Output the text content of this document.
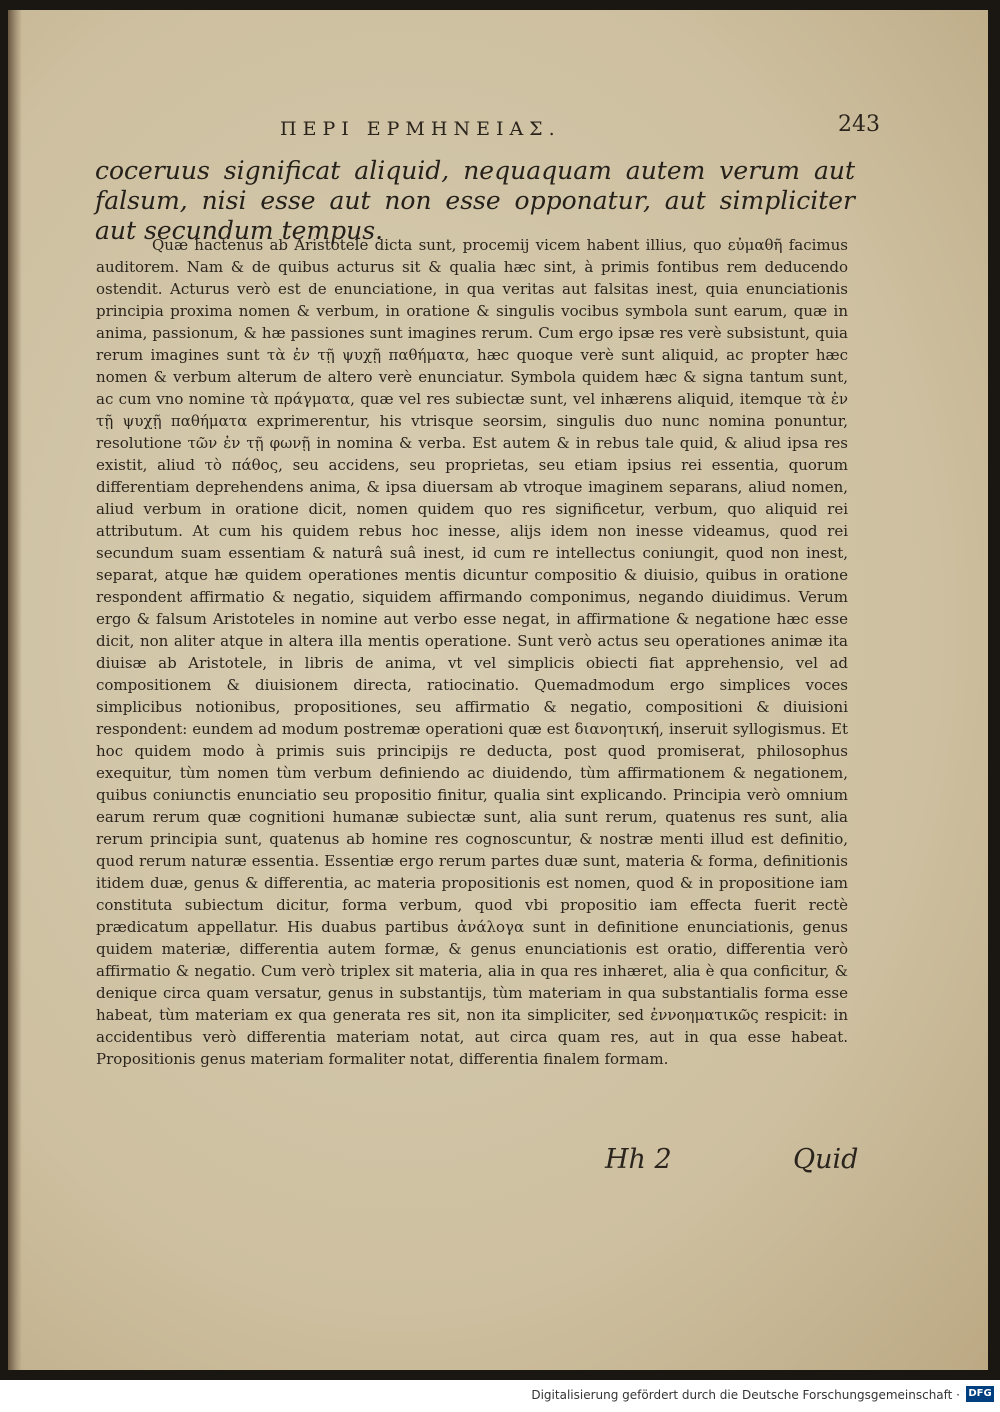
ΠΕΡΙ ΕΡΜΗΝΕΙΑΣ.	243
coceruus significat aliquid, nequaquam autem verum aut falsum, nisi esse aut non esse opponatur, aut simpliciter aut secundum tempus.

Quæ hactenus ab Aristotele dicta sunt, procemij vicem habent illius, quo εὐμαθῆ facimus auditorem. Nam & de quibus acturus sit & qualia hæc sint, à primis fontibus rem deducendo ostendit. Acturus verò est de enunciatione, in qua veritas aut falsitas inest, quia enunciationis principia proxima nomen & verbum, in oratione & singulis vocibus symbola sunt earum, quæ in anima, passionum, & hæ passiones sunt imagines rerum. Cum ergo ipsæ res verè subsistunt, quia rerum imagines sunt τὰ ἐν τῇ ψυχῇ παθήματα, hæc quoque verè sunt aliquid, ac propter hæc nomen & verbum alterum de altero verè enunciatur. Symbola quidem hæc & signa tantum sunt, ac cum vno nomine τὰ πράγματα, quæ vel res subiectæ sunt, vel inhærens aliquid, itemque τὰ ἐν τῇ ψυχῇ παθήματα exprimerentur, his vtrisque seorsim, singulis duo nunc nomina ponuntur, resolutione τῶν ἐν τῇ φωνῇ in nomina & verba. Est autem & in rebus tale quid, & aliud ipsa res existit, aliud τὸ πάθος, seu accidens, seu proprietas, seu etiam ipsius rei essentia, quorum differentiam deprehendens anima, & ipsa diuersam ab vtroque imaginem separans, aliud nomen, aliud verbum in oratione dicit, nomen quidem quo res significetur, verbum, quo aliquid rei attributum. At cum his quidem rebus hoc inesse, alijs idem non inesse videamus, quod rei secundum suam essentiam & naturâ suâ inest, id cum re intellectus coniungit, quod non inest, separat, atque hæ quidem operationes mentis dicuntur compositio & diuisio, quibus in oratione respondent affirmatio & negatio, siquidem affirmando componimus, negando diuidimus. Verum ergo & falsum Aristoteles in nomine aut verbo esse negat, in affirmatione & negatione hæc esse dicit, non aliter atque in altera illa mentis operatione. Sunt verò actus seu operationes animæ ita diuisæ ab Aristotele, in libris de anima, vt vel simplicis obiecti fiat apprehensio, vel ad compositionem & diuisionem directa, ratiocinatio. Quemadmodum ergo simplices voces simplicibus notionibus, propositiones, seu affirmatio & negatio, compositioni & diuisioni respondent: eundem ad modum postremæ operationi quæ est διανοητική, inseruit syllogismus. Et hoc quidem modo à primis suis principijs re deducta, post quod promiserat, philosophus exequitur, tùm nomen tùm verbum definiendo ac diuidendo, tùm affirmationem & negationem, quibus coniunctis enunciatio seu propositio finitur, qualia sint explicando. Principia verò omnium earum rerum quæ cognitioni humanæ subiectæ sunt, alia sunt rerum, quatenus res sunt, alia rerum principia sunt, quatenus ab homine res cognoscuntur, & nostræ menti illud est definitio, quod rerum naturæ essentia. Essentiæ ergo rerum partes duæ sunt, materia & forma, definitionis itidem duæ, genus & differentia, ac materia propositionis est nomen, quod & in propositione iam constituta subiectum dicitur, forma verbum, quod vbi propositio iam effecta fuerit rectè prædicatum appellatur. His duabus partibus ἀνάλογα sunt in definitione enunciationis, genus quidem materiæ, differentia autem formæ, & genus enunciationis est oratio, differentia verò affirmatio & negatio. Cum verò triplex sit materia, alia in qua res inhæret, alia è qua conficitur, & denique circa quam versatur, genus in substantijs, tùm materiam in qua substantialis forma esse habeat, tùm materiam ex qua generata res sit, non ita simpliciter, sed ἐννοηματικῶς respicit: in accidentibus verò differentia materiam notat, aut circa quam res, aut in qua esse habeat. Propositionis genus materiam formaliter notat, differentia finalem formam.

Hh 2	Quid
Digitalisierung gefördert durch die Deutsche Forschungsgemeinschaft · DFG
